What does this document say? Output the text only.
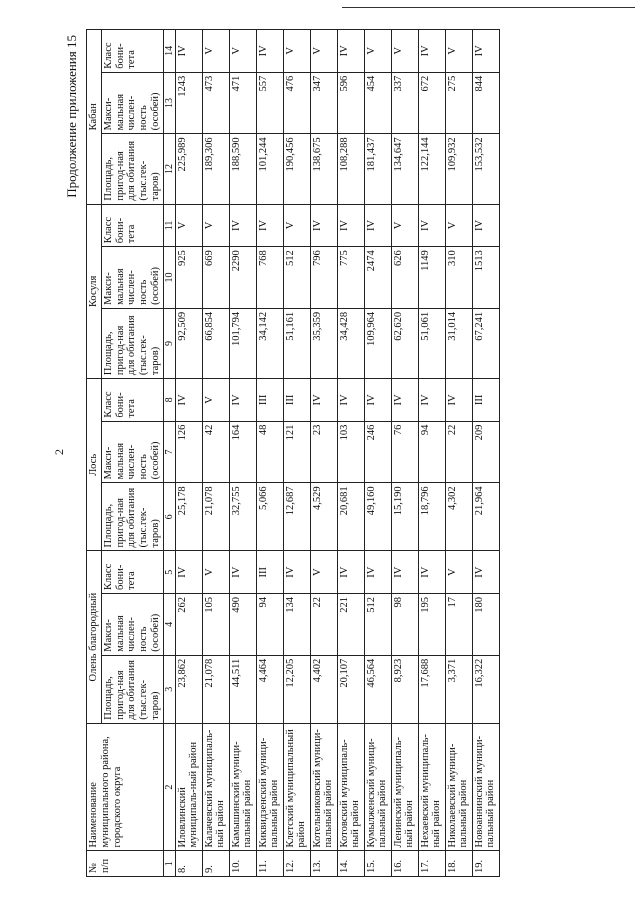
2
Продолжение приложения 15
№ п/п	Наименование муниципального района, городского округа	Олень благородный			Лось			Косуля			Кабан		
		Площадь, пригод-ная для обитания (тыс.гек-таров)	Макси-мальная числен-ность (особей)	Класс бони-тета	Площадь, пригод-ная для обитания (тыс.гек-таров)	Макси-мальная числен-ность (особей)	Класс бони-тета	Площадь, пригод-ная для обитания (тыс.гек-таров)	Макси-мальная числен-ность (особей)	Класс бони-тета	Площадь, пригод-ная для обитания (тыс.гек-таров)	Макси-мальная числен-ность (особей)	Класс бони-тета
1	2	3	4	5	6	7	8	9	10	11	12	13	14
8.	Иловлинский муниципаль-ный район	23,862	262	IV	25,178	126	IV	92,509	925	V	225,989	1243	IV
9.	Калачевский муниципаль-ный район	21,078	105	V	21,078	42	V	66,854	669	V	189,306	473	V
10.	Камышинский муници-пальный район	44,511	490	IV	32,755	164	IV	101,794	2290	IV	188,590	471	V
11.	Киквидзенский муници-пальный район	4,464	94	III	5,066	48	III	34,142	768	IV	101,244	557	IV
12.	Клетский муниципальный район	12,205	134	IV	12,687	121	III	51,161	512	V	190,456	476	V
13.	Котельниковский муници-пальный район	4,402	22	V	4,529	23	IV	35,359	796	IV	138,675	347	V
14.	Котовский муниципаль-ный район	20,107	221	IV	20,681	103	IV	34,428	775	IV	108,288	596	IV
15.	Кумылженский муници-пальный район	46,564	512	IV	49,160	246	IV	109,964	2474	IV	181,437	454	V
16.	Ленинский муниципаль-ный район	8,923	98	IV	15,190	76	IV	62,620	626	V	134,647	337	V
17.	Нехаевский муниципаль-ный район	17,688	195	IV	18,796	94	IV	51,061	1149	IV	122,144	672	IV
18.	Николаевский муници-пальный район	3,371	17	V	4,302	22	IV	31,014	310	V	109,932	275	V
19.	Новоаннинский муници-пальный район	16,322	180	IV	21,964	209	III	67,241	1513	IV	153,532	844	IV
